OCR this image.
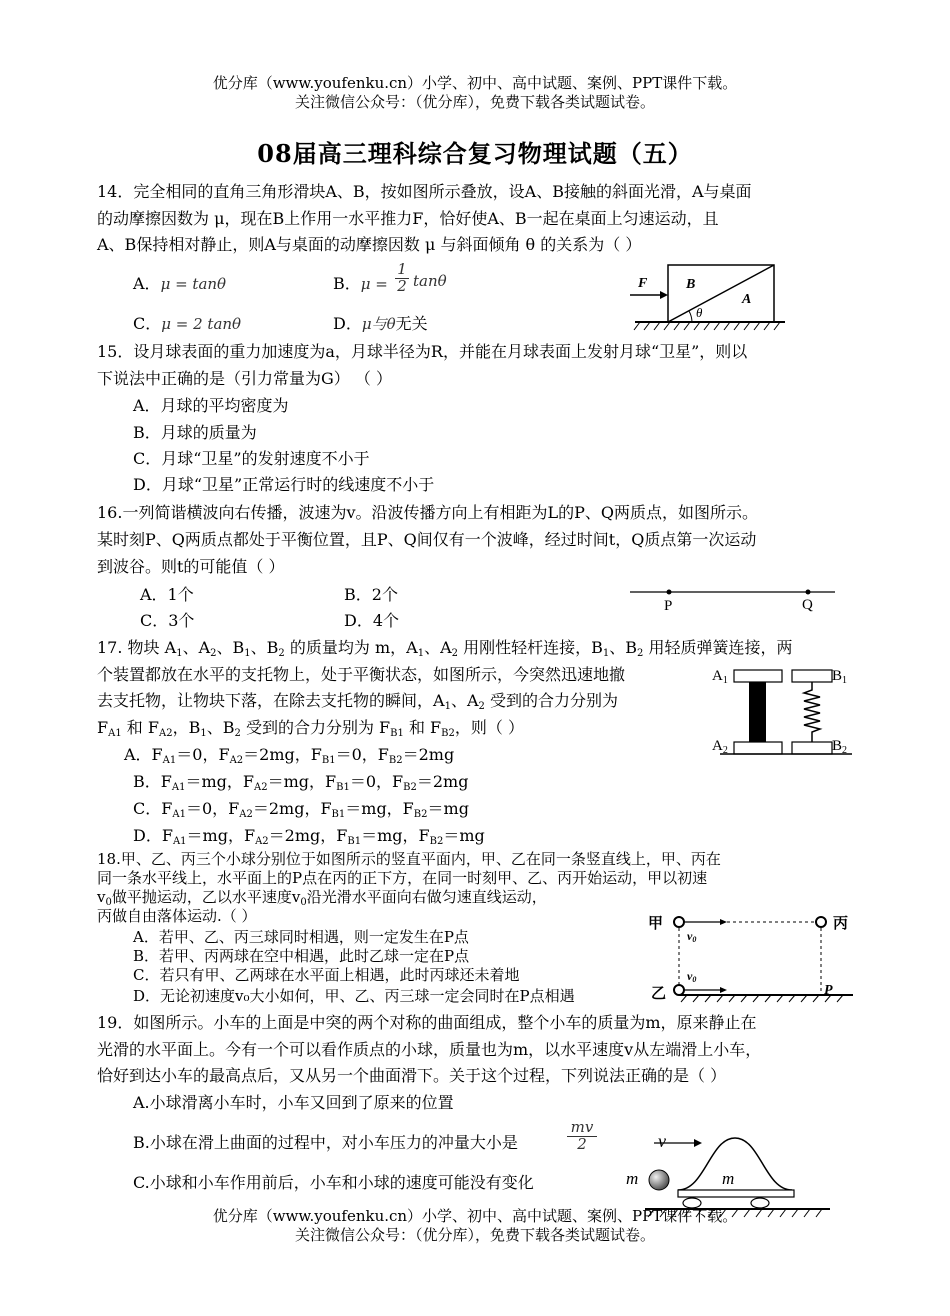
优分库（www.youfenku.cn）小学、初中、高中试题、案例、PPT课件下载。
关注微信公众号：（优分库），免费下载各类试题试卷。
08届高三理科综合复习物理试题（五）
14．完全相同的直角三角形滑块A、B，按如图所示叠放，设A、B接触的斜面光滑，A与桌面
的动摩擦因数为 μ，现在B上作用一水平推力F，恰好使A、B一起在桌面上匀速运动，且
A、B保持相对静止，则A与桌面的动摩擦因数 μ 与斜面倾角 θ 的关系为（ ）
A．μ = tanθ	B．μ =
1
2 tanθ
C．μ = 2 tanθ	D．μ与θ无关
F	B
A
θ
15．设月球表面的重力加速度为a，月球半径为R，并能在月球表面上发射月球“卫星”，则以
下说法中正确的是（引力常量为G） （ ）
A．月球的平均密度为
B．月球的质量为
C．月球“卫星”的发射速度不小于
D．月球“卫星”正常运行时的线速度不小于
16.一列简谐横波向右传播，波速为v。沿波传播方向上有相距为L的P、Q两质点，如图所示。
某时刻P、Q两质点都处于平衡位置，且P、Q间仅有一个波峰，经过时间t，Q质点第一次运动
到波谷。则t的可能值（ ）
A．1个	B．2个
C．3个	D．4个
P	Q
17. 物块 $A_1$、$A_2$、$B_1$、$B_2$ 的质量均为 m，$A_1$、$A_2$ 用刚性轻杆连接，$B_1$、$B_2$ 用轻质弹簧连接，两
个装置都放在水平的支托物上，处于平衡状态，如图所示，今突然迅速地撤
去支托物，让物块下落，在除去支托物的瞬间，$A_1$、$A_2$ 受到的合力分别为
$F_{A1}$ 和 $F_{A2}$，$B_1$、$B_2$ 受到的合力分别为 $F_{B1}$ 和 $F_{B2}$，则（ ）
A．$F_{A1}=0$，$F_{A2}=2mg$，$F_{B1}=0$，$F_{B2}=2mg$
B．$F_{A1}=mg$，$F_{A2}=mg$，$F_{B1}=0$，$F_{B2}=2mg$
C．$F_{A1}=0$，$F_{A2}=2mg$，$F_{B1}=mg$，$F_{B2}=mg$
D．$F_{A1}=mg$，$F_{A2}=2mg$，$F_{B1}=mg$，$F_{B2}=mg$
$A_1$
$A_2$
$B_1$
$B_2$
18.甲、乙、丙三个小球分别位于如图所示的竖直平面内，甲、乙在同一条竖直线上，甲、丙在
同一条水平线上，水平面上的P点在丙的正下方，在同一时刻甲、乙、丙开始运动，甲以初速
$v_0$做平抛运动，乙以水平速度$v_0$沿光滑水平面向右做匀速直线运动，
丙做自由落体运动.（ ）
A．若甲、乙、丙三球同时相遇，则一定发生在P点
B．若甲、丙两球在空中相遇，此时乙球一定在P点
C．若只有甲、乙两球在水平面上相遇，此时丙球还未着地
D．无论初速度v₀大小如何，甲、乙、丙三球一定会同时在P点相遇
甲	丙
乙
v0
v0
P
19．如图所示。小车的上面是中突的两个对称的曲面组成，整个小车的质量为m，原来静止在
光滑的水平面上。今有一个可以看作质点的小球，质量也为m，以水平速度v从左端滑上小车，
恰好到达小车的最高点后，又从另一个曲面滑下。关于这个过程，下列说法正确的是（ ）
A.小球滑离小车时，小车又回到了原来的位置
B.小球在滑上曲面的过程中，对小车压力的冲量大小是
mv
2
C.小球和小车作用前后，小车和小球的速度可能没有变化
v
m	m
优分库（www.youfenku.cn）小学、初中、高中试题、案例、PPT课件下载。
关注微信公众号：（优分库），免费下载各类试题试卷。
